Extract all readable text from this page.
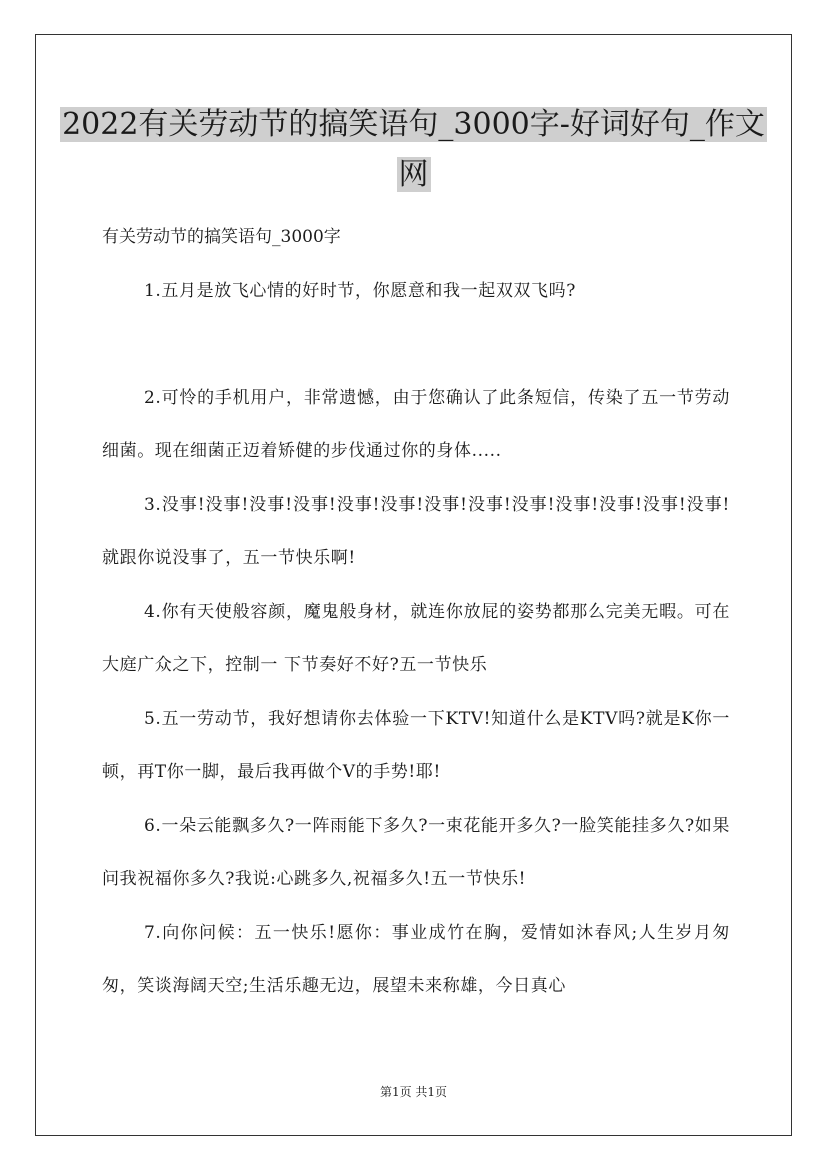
2022有关劳动节的搞笑语句_3000字-好词好句_作文网

有关劳动节的搞笑语句_3000字

1.五月是放飞心情的好时节，你愿意和我一起双双飞吗?

2.可怜的手机用户，非常遗憾，由于您确认了此条短信，传染了五一节劳动细菌。现在细菌正迈着矫健的步伐通过你的身体.....

3.没事!没事!没事!没事!没事!没事!没事!没事!没事!没事!没事!没事!没事!就跟你说没事了，五一节快乐啊!

4.你有天使般容颜，魔鬼般身材，就连你放屁的姿势都那么完美无暇。可在大庭广众之下，控制一 下节奏好不好?五一节快乐

5.五一劳动节，我好想请你去体验一下KTV!知道什么是KTV吗?就是K你一顿，再T你一脚，最后我再做个V的手势!耶!

6.一朵云能飘多久?一阵雨能下多久?一束花能开多久?一脸笑能挂多久?如果问我祝福你多久?我说:心跳多久,祝福多久!五一节快乐!

7.向你问候：五一快乐!愿你：事业成竹在胸，爱情如沐春风;人生岁月匆匆，笑谈海阔天空;生活乐趣无边，展望未来称雄，今日真心

第1页 共1页
